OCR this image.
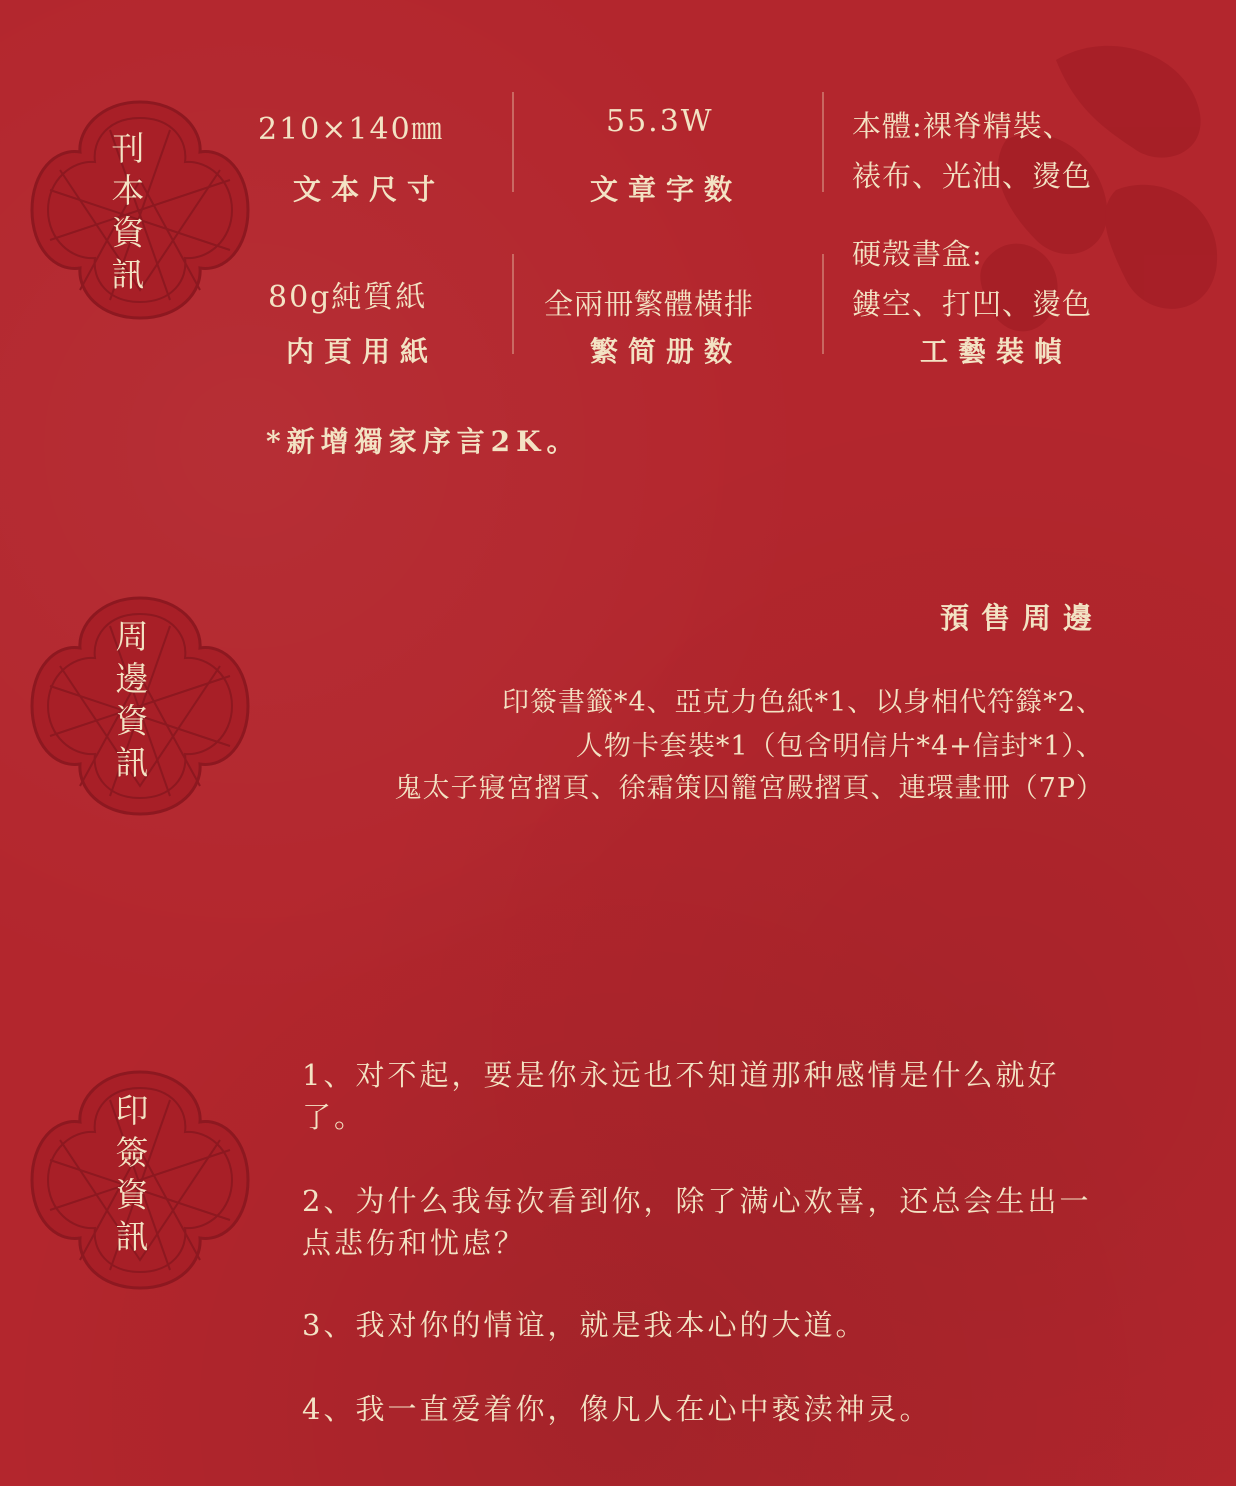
刊本資訊
210×140㎜
文本尺寸
55.3W
文章字数
本體:裸脊精裝、
裱布、光油、燙色
80g純質紙
内頁用紙
全兩冊繁體橫排
繁简册数
硬殼書盒:
鏤空、打凹、燙色
工藝裝幀
*新增獨家序言2K。
周邊資訊
預售周邊
印簽書籤*4、亞克力色紙*1、以身相代符籙*2、
人物卡套裝*1（包含明信片*4+信封*1）、
鬼太子寢宮摺頁、徐霜策囚籠宮殿摺頁、連環畫冊（7P）
印簽資訊
1、对不起，要是你永远也不知道那种感情是什么就好了。
2、为什么我每次看到你，除了满心欢喜，还总会生出一点悲伤和忧虑？
3、我对你的情谊，就是我本心的大道。
4、我一直爱着你，像凡人在心中亵渎神灵。
